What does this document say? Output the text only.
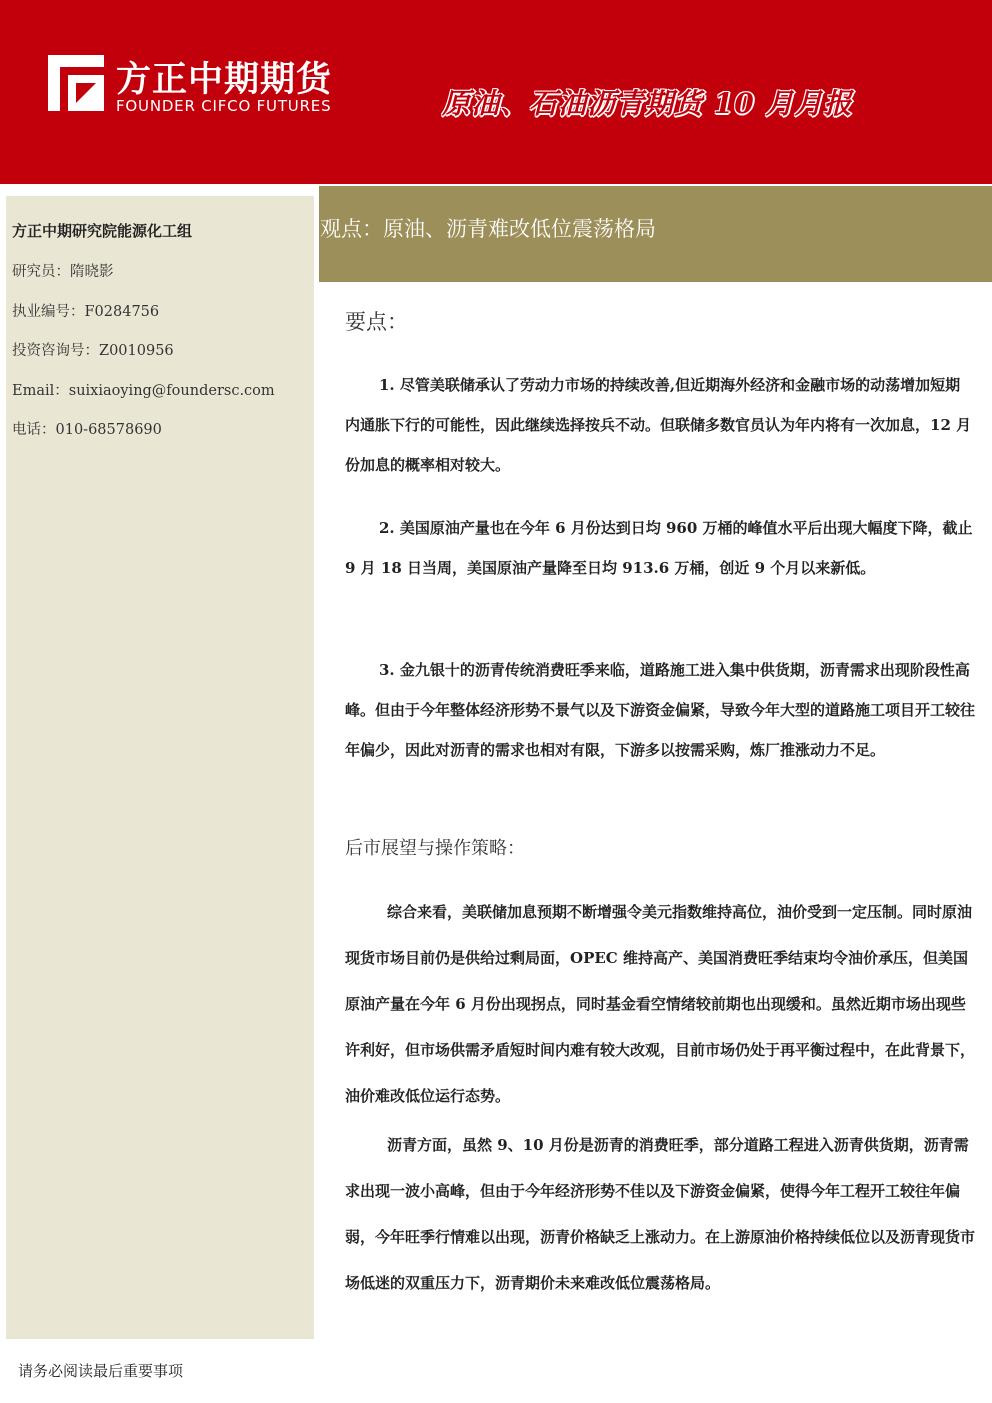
方正中期期货
FOUNDER CIFCO FUTURES	原油、石油沥青期货 10 月月报
方正中期研究院能源化工组
研究员：隋晓影
执业编号：F0284756
投资咨询号：Z0010956
Email：suixiaoying@foundersc.com
电话：010-68578690
观点：原油、沥青难改低位震荡格局
要点：

1. 尽管美联储承认了劳动力市场的持续改善,但近期海外经济和金融市场的动荡增加短期内通胀下行的可能性，因此继续选择按兵不动。但联储多数官员认为年内将有一次加息，12 月份加息的概率相对较大。

2. 美国原油产量也在今年 6 月份达到日均 960 万桶的峰值水平后出现大幅度下降，截止 9 月 18 日当周，美国原油产量降至日均 913.6 万桶，创近 9 个月以来新低。

3. 金九银十的沥青传统消费旺季来临，道路施工进入集中供货期，沥青需求出现阶段性高峰。但由于今年整体经济形势不景气以及下游资金偏紧，导致今年大型的道路施工项目开工较往年偏少，因此对沥青的需求也相对有限，下游多以按需采购，炼厂推涨动力不足。

后市展望与操作策略：

综合来看，美联储加息预期不断增强令美元指数维持高位，油价受到一定压制。同时原油现货市场目前仍是供给过剩局面，OPEC 维持高产、美国消费旺季结束均令油价承压，但美国原油产量在今年 6 月份出现拐点，同时基金看空情绪较前期也出现缓和。虽然近期市场出现些许利好，但市场供需矛盾短时间内难有较大改观，目前市场仍处于再平衡过程中，在此背景下，油价难改低位运行态势。

沥青方面，虽然 9、10 月份是沥青的消费旺季，部分道路工程进入沥青供货期，沥青需求出现一波小高峰，但由于今年经济形势不佳以及下游资金偏紧，使得今年工程开工较往年偏弱，今年旺季行情难以出现，沥青价格缺乏上涨动力。在上游原油价格持续低位以及沥青现货市场低迷的双重压力下，沥青期价未来难改低位震荡格局。

请务必阅读最后重要事项
